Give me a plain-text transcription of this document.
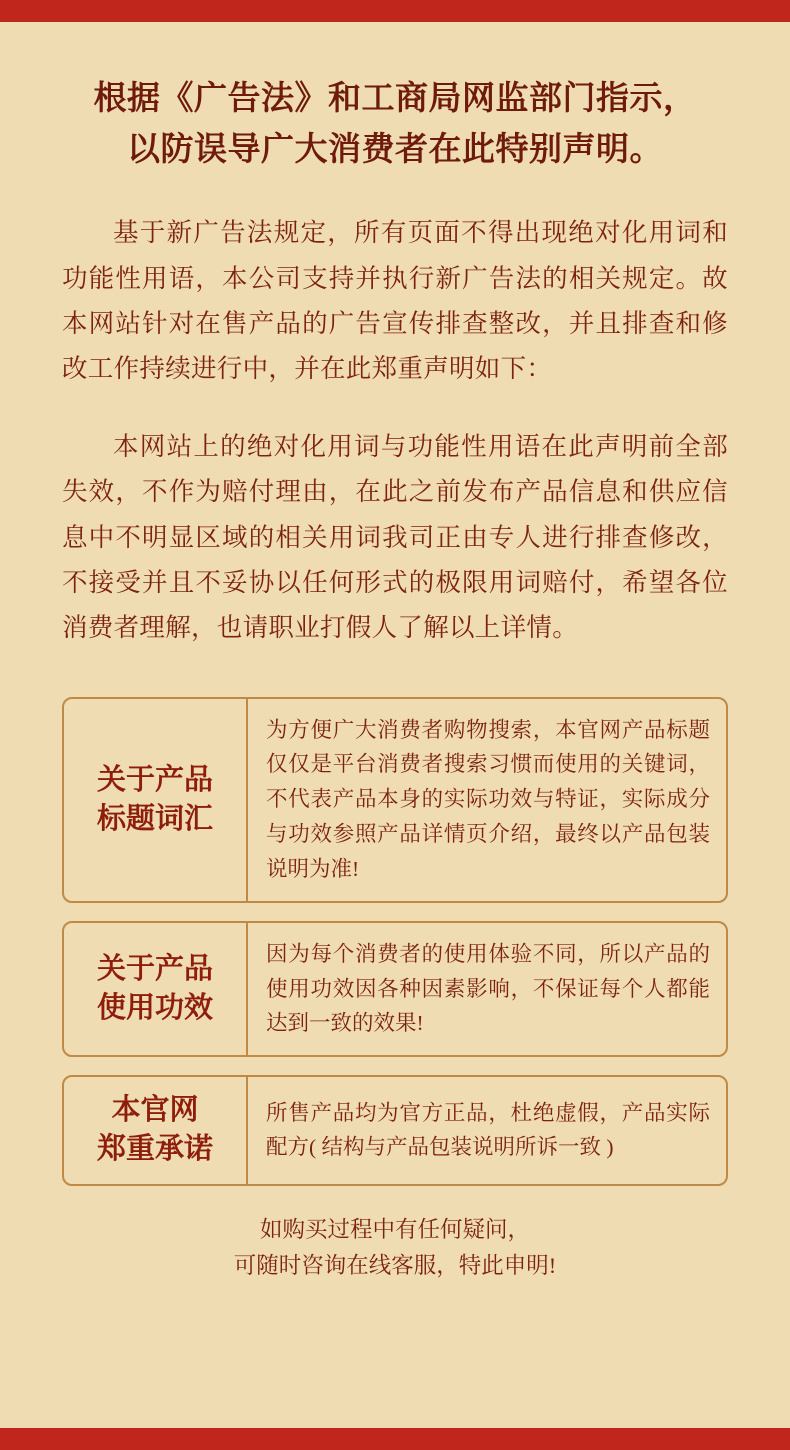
根据《广告法》和工商局网监部门指示，
以防误导广大消费者在此特别声明。
基于新广告法规定，所有页面不得出现绝对化用词和功能性用语，本公司支持并执行新广告法的相关规定。故本网站针对在售产品的广告宣传排查整改，并且排查和修改工作持续进行中，并在此郑重声明如下：
本网站上的绝对化用词与功能性用语在此声明前全部失效，不作为赔付理由，在此之前发布产品信息和供应信息中不明显区域的相关用词我司正由专人进行排查修改，不接受并且不妥协以任何形式的极限用词赔付，希望各位消费者理解，也请职业打假人了解以上详情。
关于产品
标题词汇

为方便广大消费者购物搜索，本官网产品标题仅仅是平台消费者搜索习惯而使用的关键词，不代表产品本身的实际功效与特证，实际成分与功效参照产品详情页介绍，最终以产品包装说明为准!

关于产品
使用功效

因为每个消费者的使用体验不同，所以产品的使用功效因各种因素影响，不保证每个人都能达到一致的效果!

本官网
郑重承诺

所售产品均为官方正品，杜绝虚假，产品实际配方( 结构与产品包装说明所诉一致 )

如购买过程中有任何疑问，
可随时咨询在线客服，特此申明!
